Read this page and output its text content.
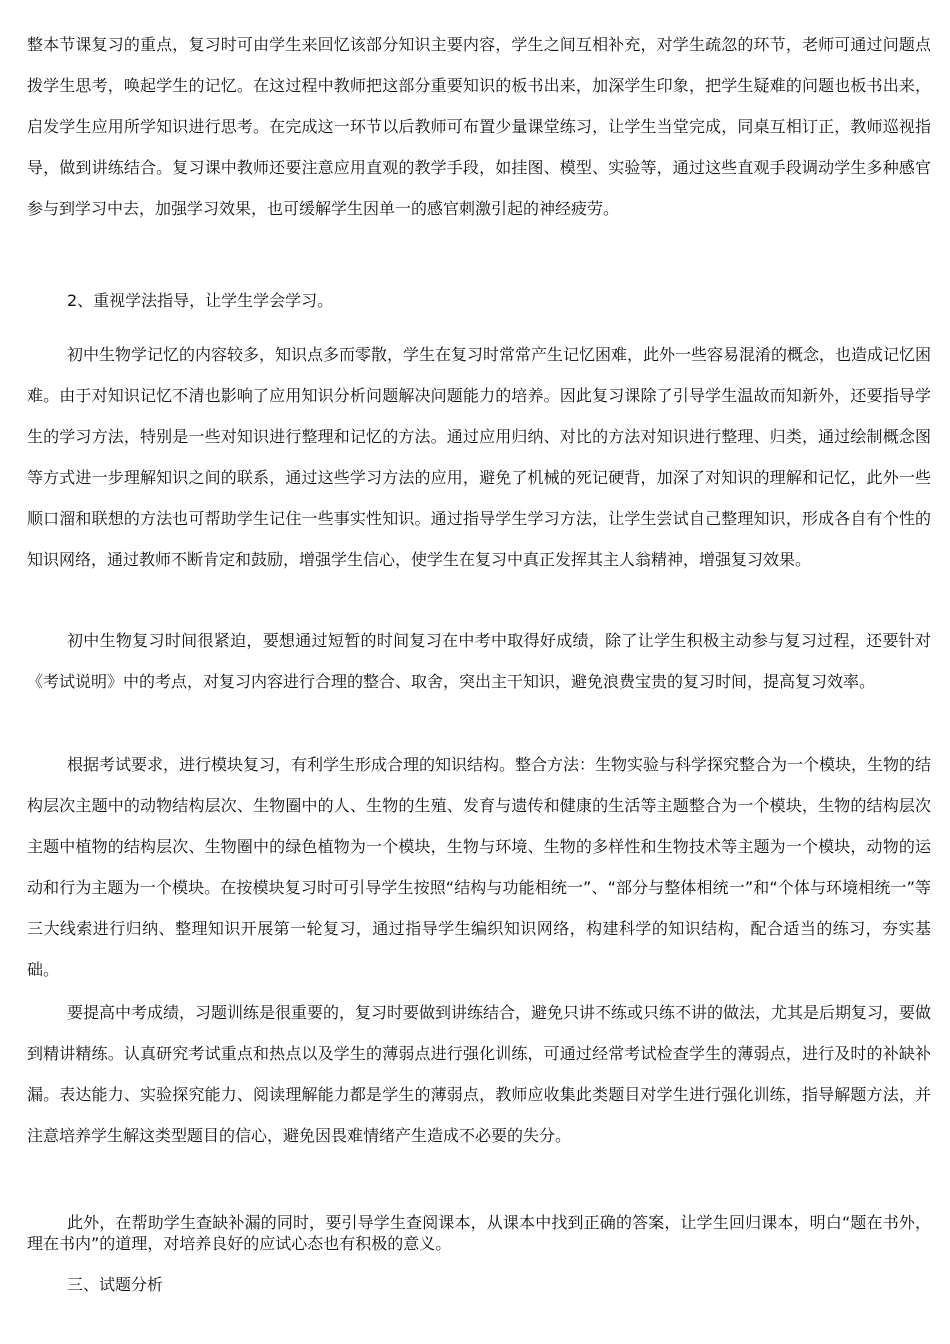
整本节课复习的重点，复习时可由学生来回忆该部分知识主要内容，学生之间互相补充，对学生疏忽的环节，老师可通过问题点拨学生思考，唤起学生的记忆。在这过程中教师把这部分重要知识的板书出来，加深学生印象，把学生疑难的问题也板书出来，启发学生应用所学知识进行思考。在完成这一环节以后教师可布置少量课堂练习，让学生当堂完成，同桌互相订正，教师巡视指导，做到讲练结合。复习课中教师还要注意应用直观的教学手段，如挂图、模型、实验等，通过这些直观手段调动学生多种感官参与到学习中去，加强学习效果，也可缓解学生因单一的感官刺激引起的神经疲劳。

2、重视学法指导，让学生学会学习。

初中生物学记忆的内容较多，知识点多而零散，学生在复习时常常产生记忆困难，此外一些容易混淆的概念，也造成记忆困难。由于对知识记忆不清也影响了应用知识分析问题解决问题能力的培养。因此复习课除了引导学生温故而知新外，还要指导学生的学习方法，特别是一些对知识进行整理和记忆的方法。通过应用归纳、对比的方法对知识进行整理、归类，通过绘制概念图等方式进一步理解知识之间的联系，通过这些学习方法的应用，避免了机械的死记硬背，加深了对知识的理解和记忆，此外一些顺口溜和联想的方法也可帮助学生记住一些事实性知识。通过指导学生学习方法，让学生尝试自己整理知识，形成各自有个性的知识网络，通过教师不断肯定和鼓励，增强学生信心，使学生在复习中真正发挥其主人翁精神，增强复习效果。

初中生物复习时间很紧迫，要想通过短暂的时间复习在中考中取得好成绩，除了让学生积极主动参与复习过程，还要针对《考试说明》中的考点，对复习内容进行合理的整合、取舍，突出主干知识，避免浪费宝贵的复习时间，提高复习效率。

根据考试要求，进行模块复习，有利学生形成合理的知识结构。整合方法：生物实验与科学探究整合为一个模块，生物的结构层次主题中的动物结构层次、生物圈中的人、生物的生殖、发育与遗传和健康的生活等主题整合为一个模块，生物的结构层次主题中植物的结构层次、生物圈中的绿色植物为一个模块，生物与环境、生物的多样性和生物技术等主题为一个模块，动物的运动和行为主题为一个模块。在按模块复习时可引导学生按照“结构与功能相统一”、“部分与整体相统一”和“个体与环境相统一”等三大线索进行归纳、整理知识开展第一轮复习，通过指导学生编织知识网络，构建科学的知识结构，配合适当的练习，夯实基础。

要提高中考成绩，习题训练是很重要的，复习时要做到讲练结合，避免只讲不练或只练不讲的做法，尤其是后期复习，要做到精讲精练。认真研究考试重点和热点以及学生的薄弱点进行强化训练，可通过经常考试检查学生的薄弱点，进行及时的补缺补漏。表达能力、实验探究能力、阅读理解能力都是学生的薄弱点，教师应收集此类题目对学生进行强化训练，指导解题方法，并注意培养学生解这类型题目的信心，避免因畏难情绪产生造成不必要的失分。

此外，在帮助学生查缺补漏的同时，要引导学生查阅课本，从课本中找到正确的答案，让学生回归课本，明白“题在书外，理在书内”的道理，对培养良好的应试心态也有积极的意义。

三、试题分析
